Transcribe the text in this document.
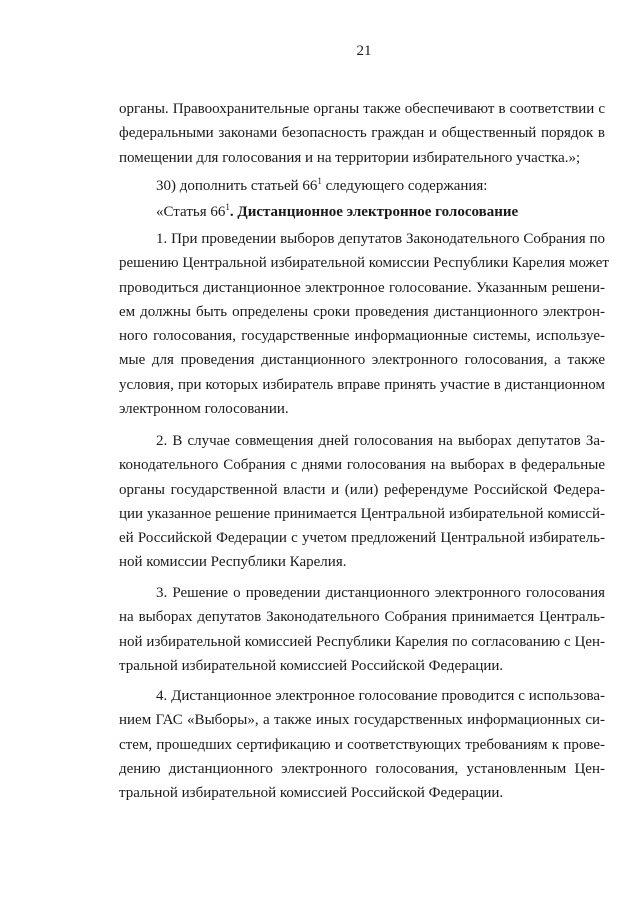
21
органы. Правоохранительные органы также обеспечивают в соответствии с
федеральными законами безопасность граждан и общественный порядок в
помещении для голосования и на территории избирательного участка.»;
30) дополнить статьей $66^1$ следующего содержания:
«Статья $66^1$. Дистанционное электронное голосование
1. При проведении выборов депутатов Законодательного Собрания по
решению Центральной избирательной комиссии Республики Карелия может
проводиться дистанционное электронное голосование. Указанным решени-
ем должны быть определены сроки проведения дистанционного электрон-
ного голосования, государственные информационные системы, используе-
мые для проведения дистанционного электронного голосования, а также
условия, при которых избиратель вправе принять участие в дистанционном
электронном голосовании.
2. В случае совмещения дней голосования на выборах депутатов За-
конодательного Собрания с днями голосования на выборах в федеральные
органы государственной власти и (или) референдуме Российской Федера-
ции указанное решение принимается Центральной избирательной комиссй-
ей Российской Федерации с учетом предложений Центральной избиратель-
ной комиссии Республики Карелия.
3. Решение о проведении дистанционного электронного голосования
на выборах депутатов Законодательного Собрания принимается Централь-
ной избирательной комиссией Республики Карелия по согласованию с Цен-
тральной избирательной комиссией Российской Федерации.
4. Дистанционное электронное голосование проводится с использова-
нием ГАС «Выборы», а также иных государственных информационных си-
стем, прошедших сертификацию и соответствующих требованиям к прове-
дению дистанционного электронного голосования, установленным Цен-
тральной избирательной комиссией Российской Федерации.
